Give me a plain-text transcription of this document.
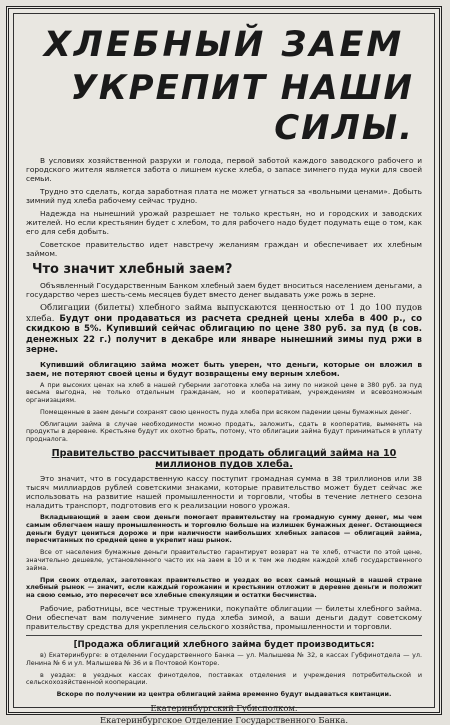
ХЛЕБНЫЙ ЗАЕМ
УКРЕПИТ НАШИ СИЛЫ.

В условиях хозяйственной разрухи и голода, первой заботой каждого заводского рабочего и городского жителя является забота о лишнем куске хлеба, о запасе зимнего пуда муки для своей семьи.

Трудно это сделать, когда заработная плата не может угнаться за «вольными ценами». Добыть зимний пуд хлеба рабочему сейчас трудно.

Надежда на нынешний урожай разрешает не только крестьян, но и городских и заводских жителей. Но если крестьянин будет с хлебом, то для рабочего надо будет подумать еще о том, как его для себя добыть.

Советское правительство идет навстречу желаниям граждан и обеспечивает их хлебным займом.

Что значит хлебный заем?

Объявленный Государственным Банком хлебный заем будет вноситься населением деньгами, а государство через шесть-семь месяцев будет вместо денег выдавать уже рожь в зерне.

Облигации (билеты) хлебного займа выпускаются ценностью от 1 до 100 пудов хлеба. Будут они продаваться из расчета средней цены хлеба в 400 р., со скидкою в 5%. Купивший сейчас облигацию по цене 380 руб. за пуд (в сов. денежных 22 г.) получит в декабре или январе нынешний зимы пуд ржи в зерне.

Купивший облигацию займа может быть уверен, что деньги, которые он вложил в заем, не потеряют своей цены и будут возвращены ему верным хлебом.

А при высоких ценах на хлеб в нашей губернии заготовка хлеба на зиму по низкой цене в 380 руб. за пуд весьма выгодна, не только отдельным гражданам, но и кооперативам, учреждениям и всевозможным организациям.

Помещенные в заем деньги сохранят свою ценность пуда хлеба при всяком падении цены бумажных денег.

Облигации займа в случае необходимости можно продать, заложить, сдать в кооператив, выменять на продукты в деревне. Крестьяне будут их охотно брать, потому, что облигации займа будут приниматься в уплату продналога.

Правительство рассчитывает продать облигаций займа на 10 миллионов пудов хлеба.

Это значит, что в государственную кассу поступит громадная сумма в 38 триллионов или 38 тысяч миллиардов рублей советскими знаками, которые правительство может будет сейчас же использовать на развитие нашей промышленности и торговли, чтобы в течение летнего сезона наладить транспорт, подготовив его к реализации нового урожая.

Вкладывающий в заем свои деньги помогает правительству на громадную сумму денег, мы чем самым облегчаем нашу промышленность и торговлю больше на излишек бумажных денег. Остающиеся деньги будут цениться дороже и при наличности наибольших хлебных запасов — облигаций займа, пересчитанных по средней цене в укрепит наш рынок.

Все от населения бумажные деньги правительство гарантирует возврат на те хлеб, отчасти по этой цене, значительно дешевле, установленного часто их на заем в 10 и к тем же людям каждой хлеб государственного займа.

При своих отделах, заготовках правительство и уездах во всех самый мощный в нашей стране хлебный рынок — значит, если каждый горожанин и крестьянин отложит в деревне деньги и положит на свою семью, это пересечет все хлебные спекуляции и остатки бесчинства.

Рабочие, работницы, все честные труженики, покупайте облигации — билеты хлебного займа. Они обеспечат вам получение зимнего пуда хлеба зимой, а ваши деньги дадут советскому правительству средства для укрепления сельского хозяйства, промышленности и торговли.

[Продажа облигаций хлебного займа будет производиться:

в) Екатеринбурге: в отделении Государственного Банка — ул. Малышева № 32, в кассах Губфинотдела — ул. Ленина № 6 и ул. Малышева № 36 и в Почтовой Конторе.

в уездах: в уездных кассах финотделов, поставках отделения и учреждения потребительской и сельскохозяйственной кооперации.

Вскоре по получении из центра облигаций займа временно будут выдаваться квитанции.

Екатеринбургский Губисполком.

Екатеринбургское Отделение Государственного Банка.
